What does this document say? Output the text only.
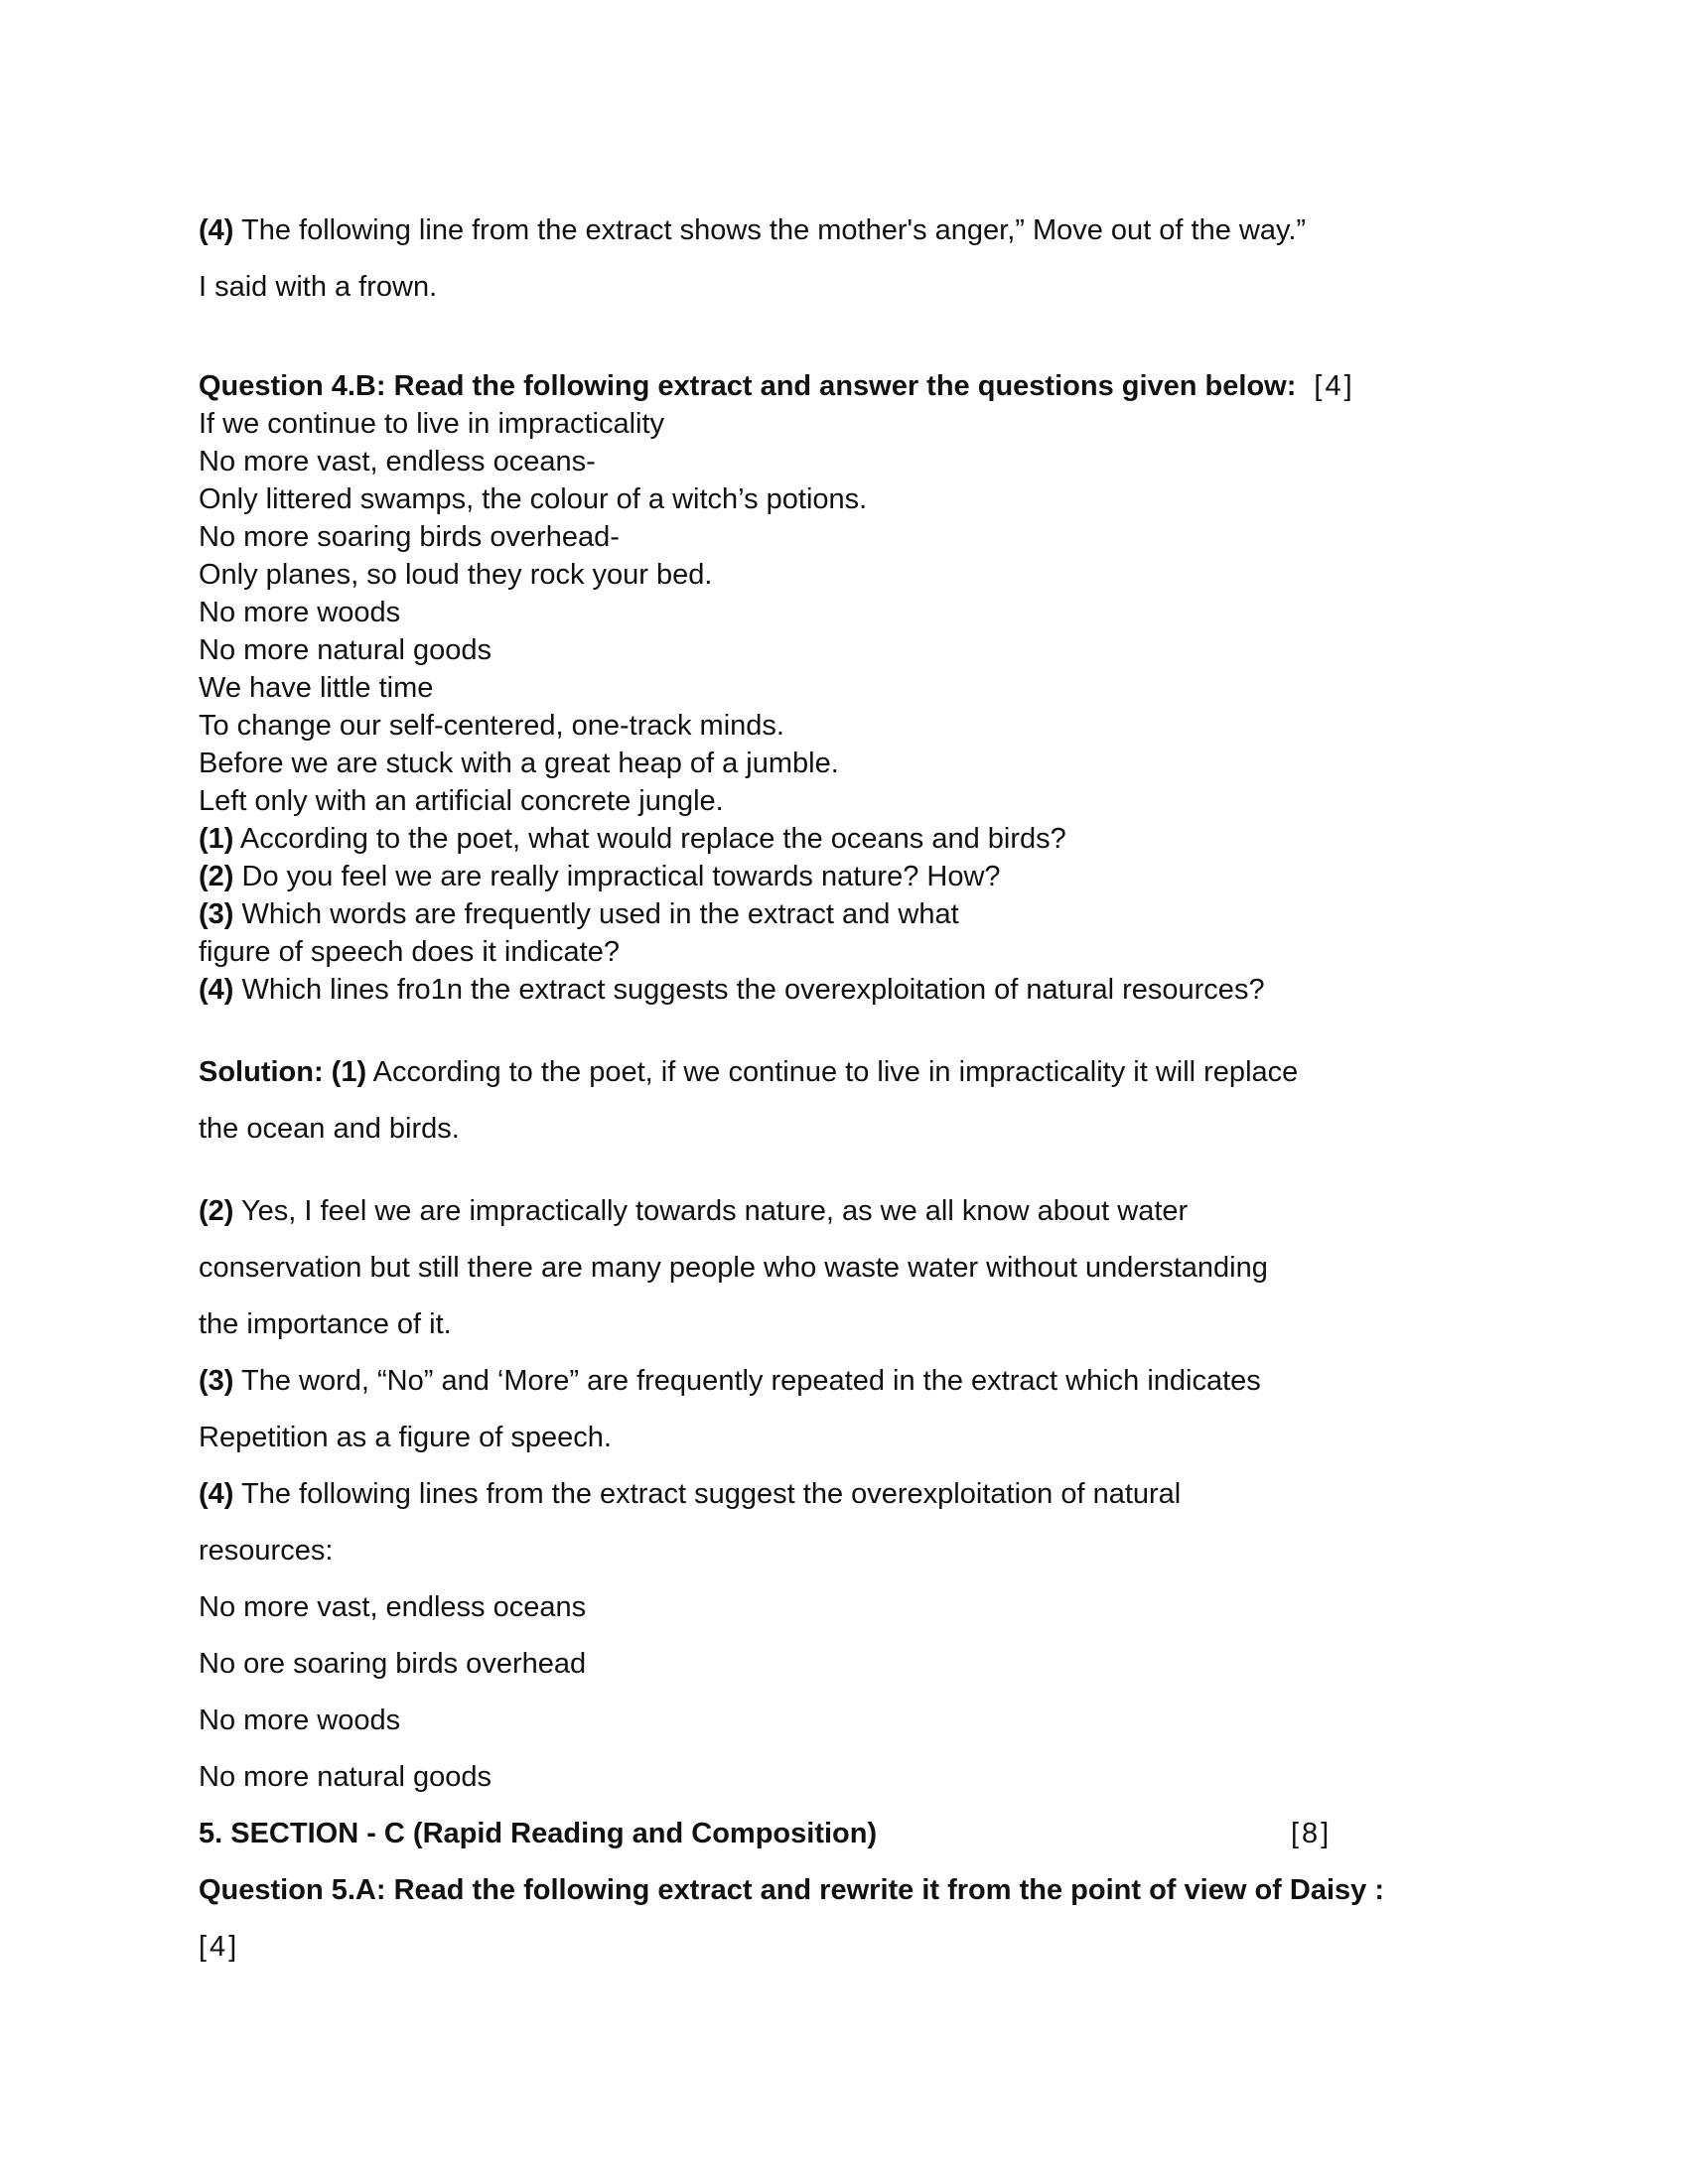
(4) The following line from the extract shows the mother's anger,” Move out of the way.”
I said with a frown.
Question 4.B: Read the following extract and answer the questions given below: [4]
If we continue to live in impracticality
No more vast, endless oceans-
Only littered swamps, the colour of a witch’s potions.
No more soaring birds overhead-
Only planes, so loud they rock your bed.
No more woods
No more natural goods
We have little time
To change our self-centered, one-track minds.
Before we are stuck with a great heap of a jumble.
Left only with an artificial concrete jungle.
(1) According to the poet, what would replace the oceans and birds?
(2) Do you feel we are really impractical towards nature? How?
(3) Which words are frequently used in the extract and what
figure of speech does it indicate?
(4) Which lines fro1n the extract suggests the overexploitation of natural resources?
Solution: (1) According to the poet, if we continue to live in impracticality it will replace
the ocean and birds.
(2) Yes, I feel we are impractically towards nature, as we all know about water
conservation but still there are many people who waste water without understanding
the importance of it.
(3) The word, “No” and ‘More” are frequently repeated in the extract which indicates
Repetition as a figure of speech.
(4) The following lines from the extract suggest the overexploitation of natural
resources:
No more vast, endless oceans
No ore soaring birds overhead
No more woods
No more natural goods
5. SECTION - C (Rapid Reading and Composition)	[8]
Question 5.A: Read the following extract and rewrite it from the point of view of Daisy :
[4]
